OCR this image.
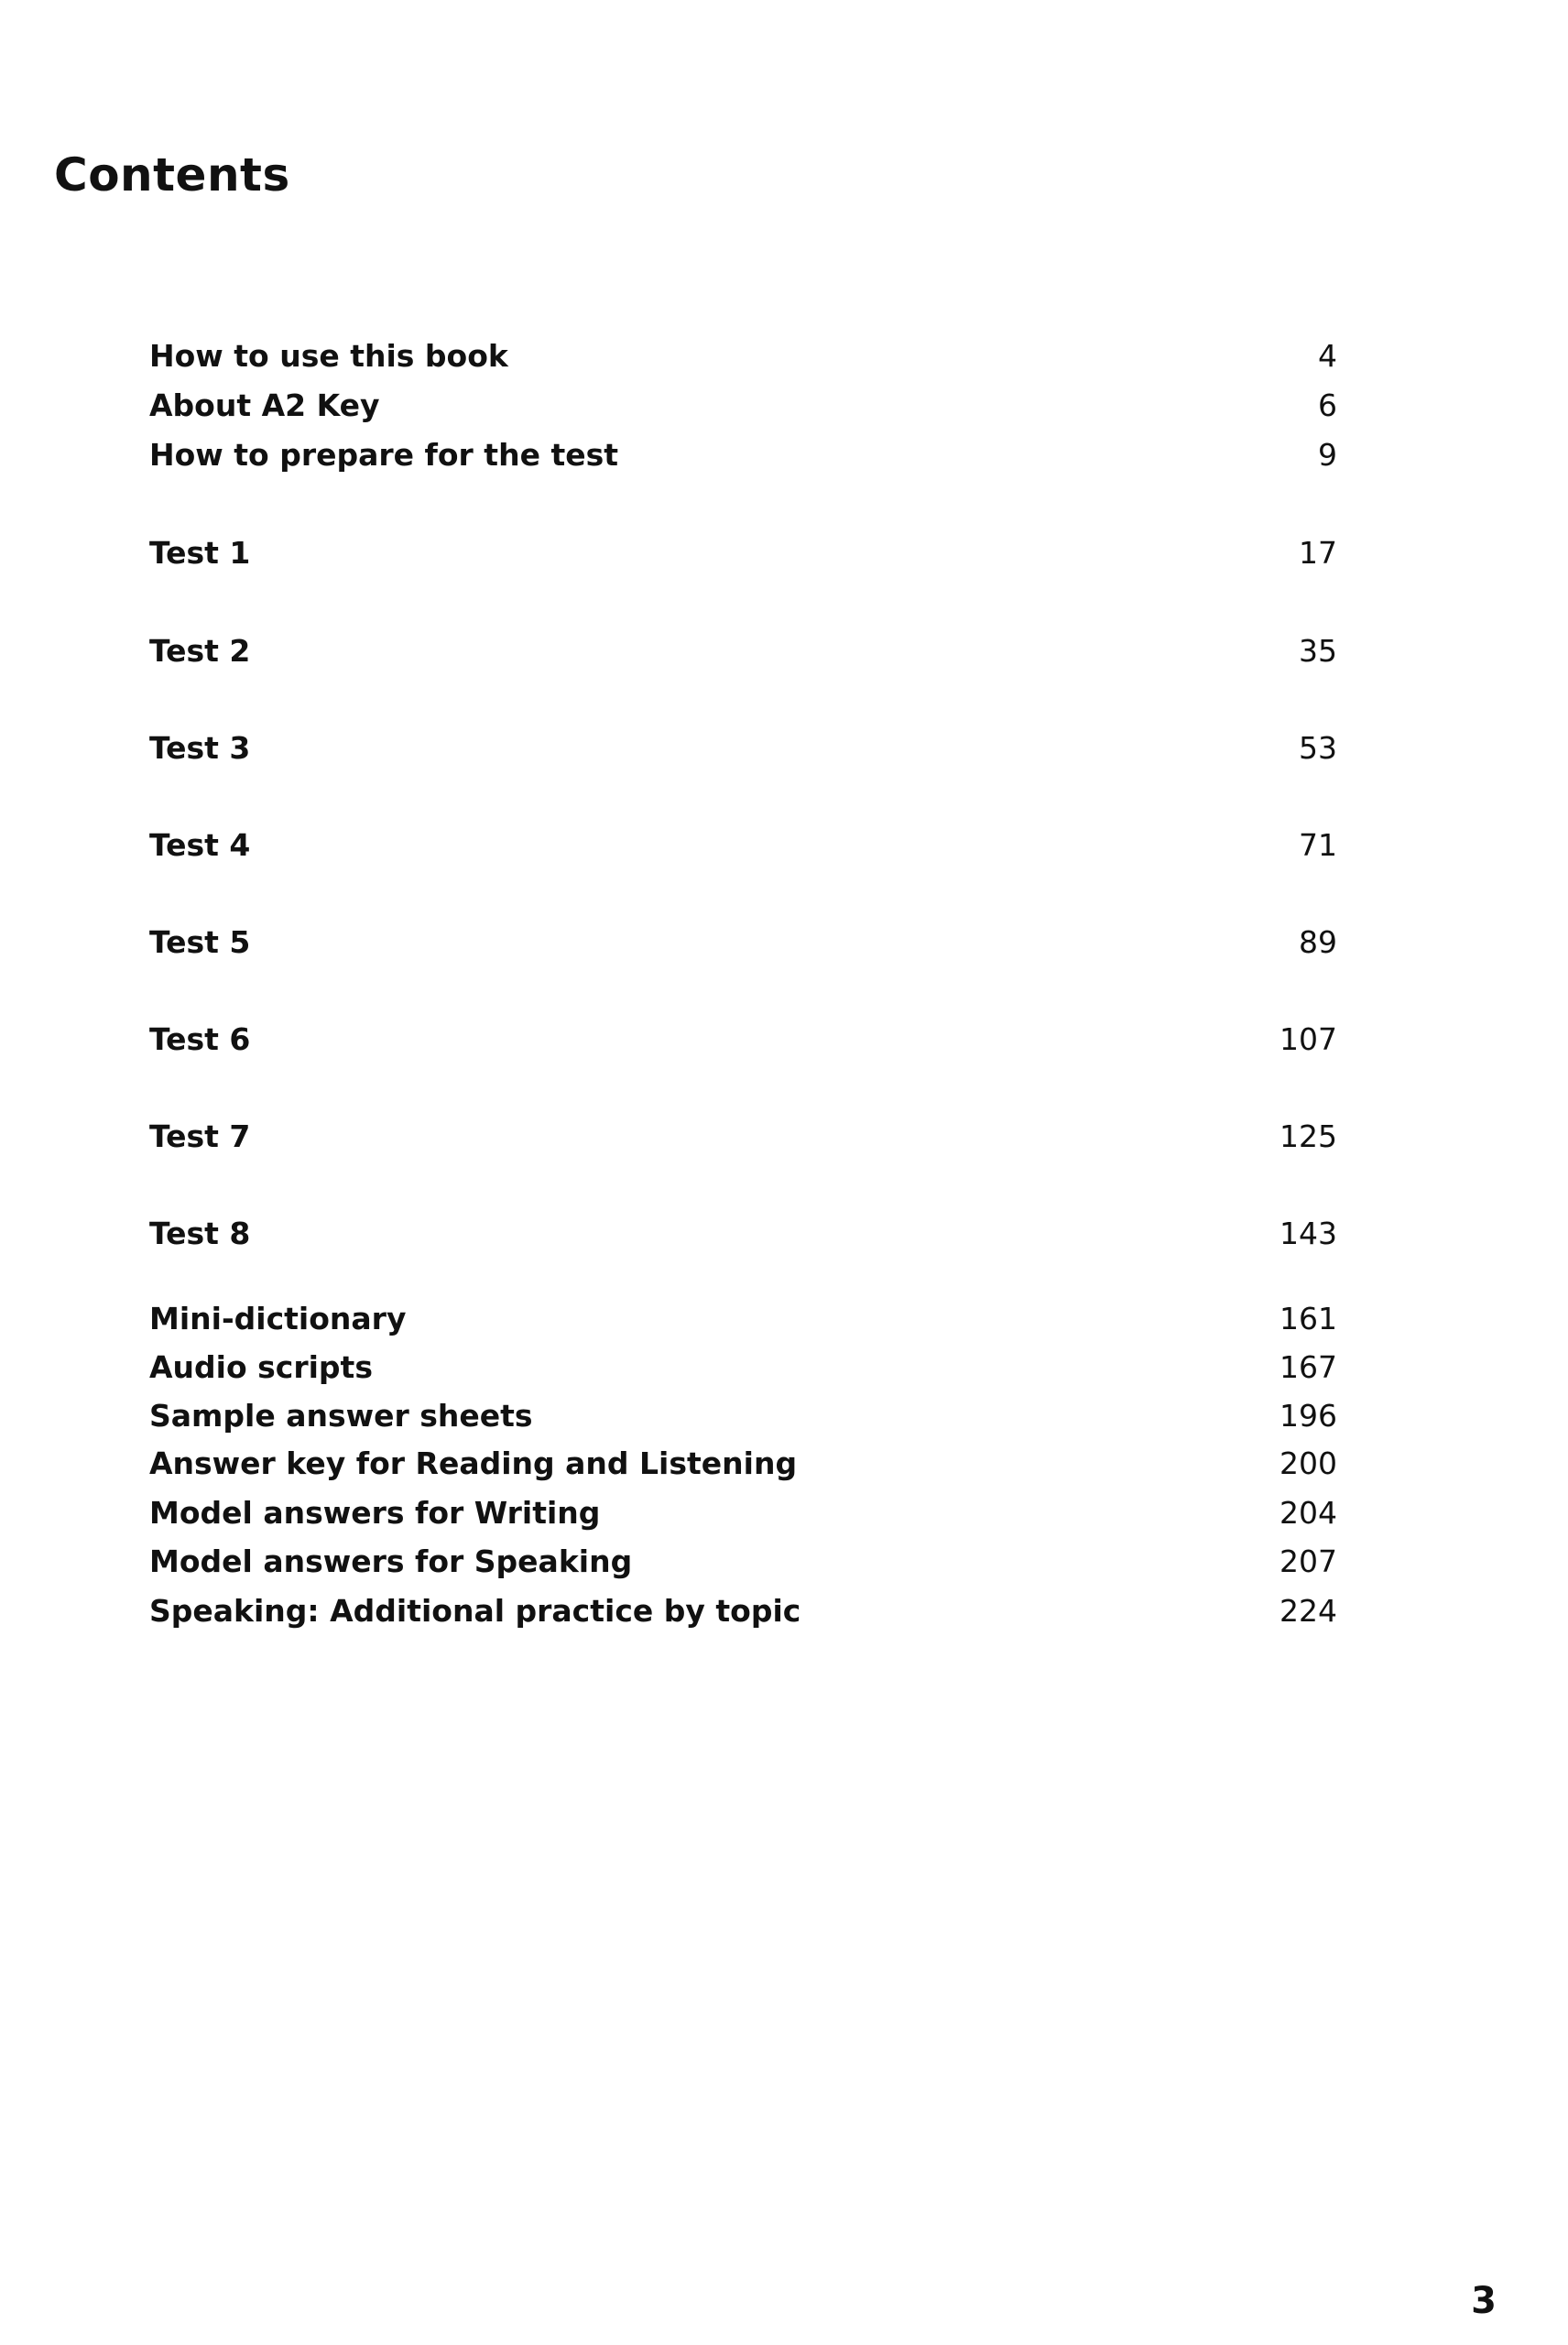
Contents
How to use this book	4
About A2 Key	6
How to prepare for the test	9
Test 1	17
Test 2	35
Test 3	53
Test 4	71
Test 5	89
Test 6	107
Test 7	125
Test 8	143
Mini-dictionary	161
Audio scripts	167
Sample answer sheets	196
Answer key for Reading and Listening	200
Model answers for Writing	204
Model answers for Speaking	207
Speaking: Additional practice by topic	224
3
